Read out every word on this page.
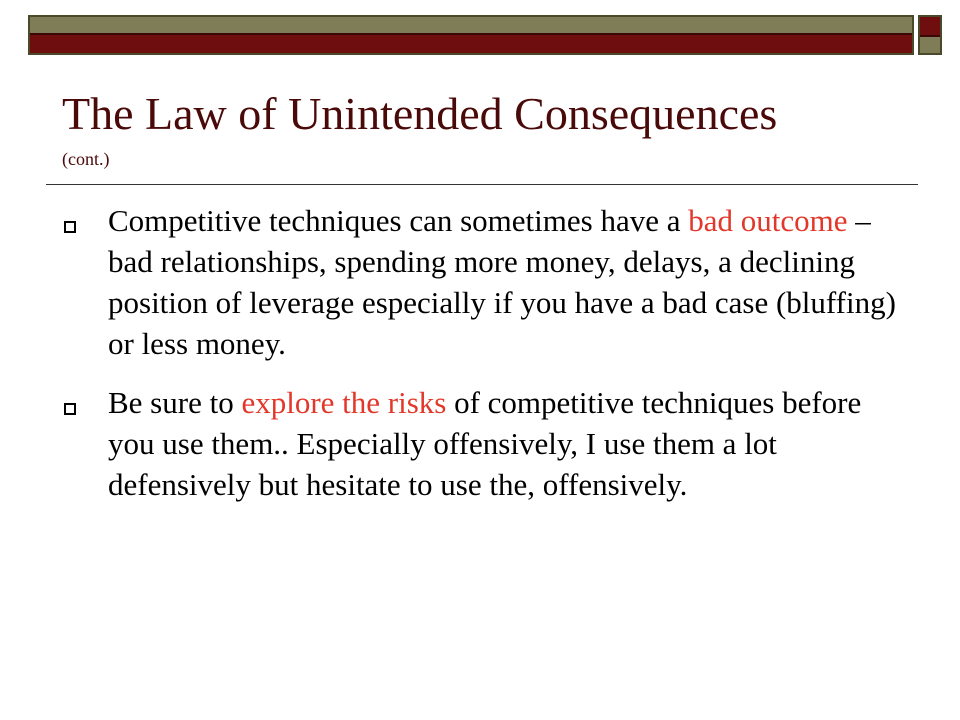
The Law of Unintended Consequences
(cont.)
Competitive techniques can sometimes have a bad outcome – bad relationships, spending more money, delays, a declining position of leverage especially if you have a bad case (bluffing) or less money.
Be sure to explore the risks of competitive techniques before you use them.. Especially offensively, I use them a lot defensively but hesitate to use the, offensively.
